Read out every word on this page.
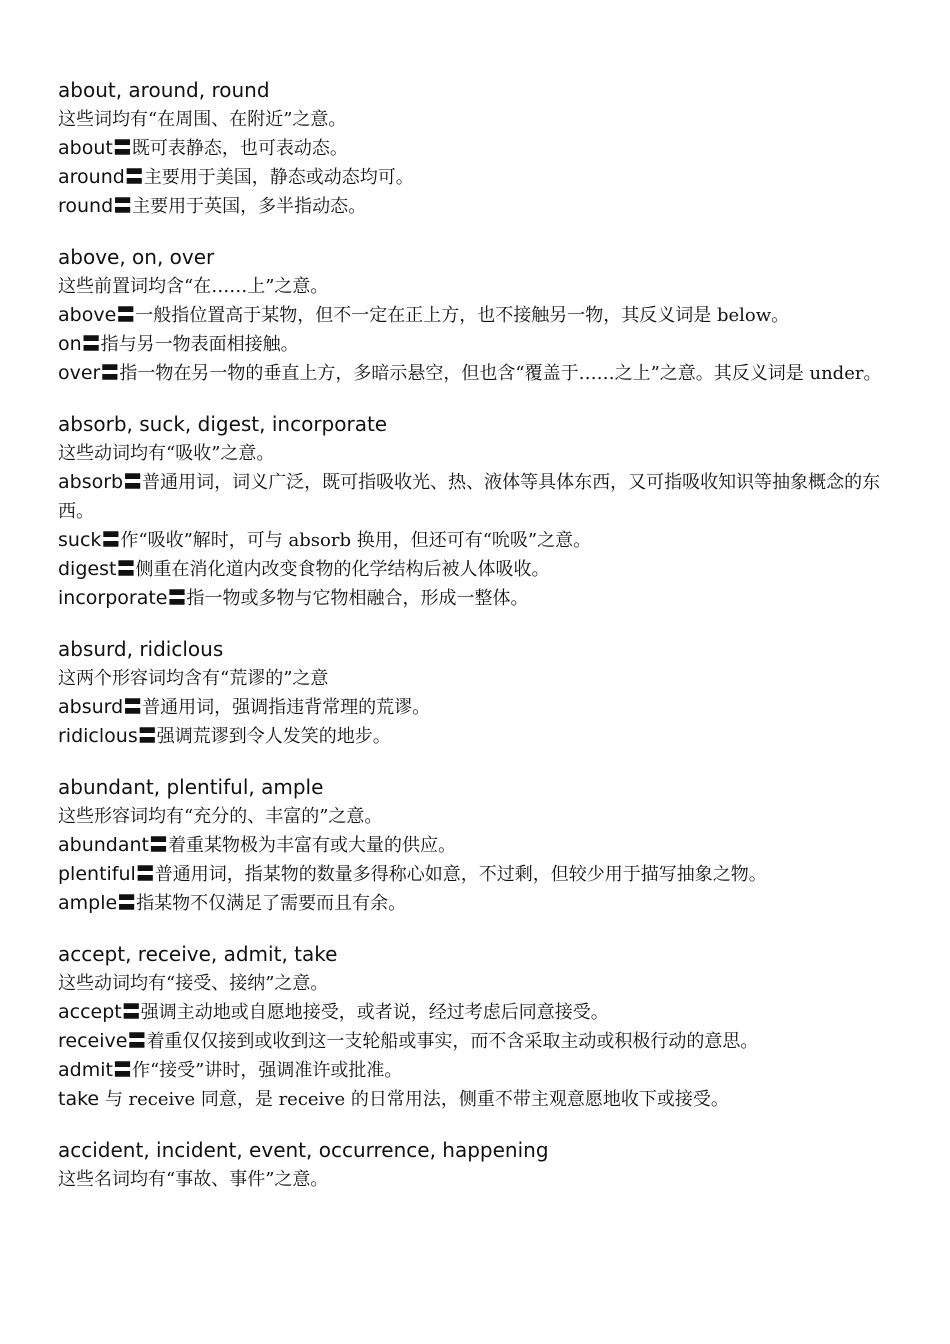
about, around, round

这些词均有“在周围、在附近”之意。

about〓既可表静态，也可表动态。

around〓主要用于美国，静态或动态均可。

round〓主要用于英国，多半指动态。

above, on, over

这些前置词均含“在……上”之意。

above〓一般指位置高于某物，但不一定在正上方，也不接触另一物，其反义词是 below。

on〓指与另一物表面相接触。

over〓指一物在另一物的垂直上方，多暗示悬空，但也含“覆盖于……之上”之意。其反义词是 under。

absorb, suck, digest, incorporate

这些动词均有“吸收”之意。

absorb〓普通用词，词义广泛，既可指吸收光、热、液体等具体东西，又可指吸收知识等抽象概念的东西。

suck〓作“吸收”解时，可与 absorb 换用，但还可有“吮吸”之意。

digest〓侧重在消化道内改变食物的化学结构后被人体吸收。

incorporate〓指一物或多物与它物相融合，形成一整体。

absurd, ridiclous

这两个形容词均含有“荒谬的”之意

absurd〓普通用词，强调指违背常理的荒谬。

ridiclous〓强调荒谬到令人发笑的地步。

abundant, plentiful, ample

这些形容词均有“充分的、丰富的”之意。

abundant〓着重某物极为丰富有或大量的供应。

plentiful〓普通用词，指某物的数量多得称心如意，不过剩，但较少用于描写抽象之物。

ample〓指某物不仅满足了需要而且有余。

accept, receive, admit, take

这些动词均有“接受、接纳”之意。

accept〓强调主动地或自愿地接受，或者说，经过考虑后同意接受。

receive〓着重仅仅接到或收到这一支轮船或事实，而不含采取主动或积极行动的意思。

admit〓作“接受”讲时，强调准许或批准。

take 与 receive 同意，是 receive 的日常用法，侧重不带主观意愿地收下或接受。

accident, incident, event, occurrence, happening

这些名词均有“事故、事件”之意。
